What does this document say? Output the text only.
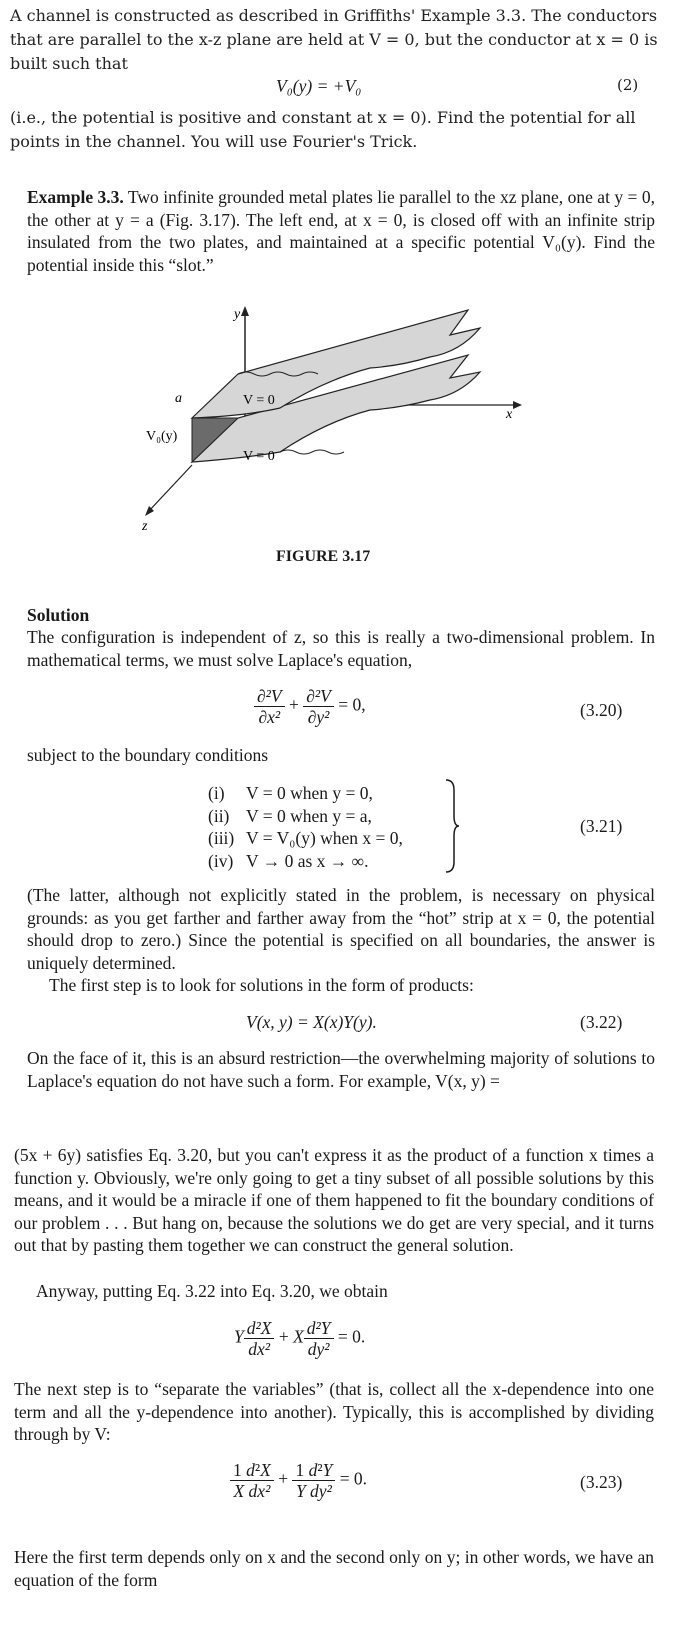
A channel is constructed as described in Griffiths' Example 3.3. The conductors that are parallel to the x-z plane are held at V = 0, but the conductor at x = 0 is built such that
V₀(y) = +V₀	(2)
(i.e., the potential is positive and constant at x = 0). Find the potential for all points in the channel. You will use Fourier's Trick.
Example 3.3. Two infinite grounded metal plates lie parallel to the xz plane, one at y = 0, the other at y = a (Fig. 3.17). The left end, at x = 0, is closed off with an infinite strip insulated from the two plates, and maintained at a specific potential V₀(y). Find the potential inside this “slot.”
y
x
z
a
V₀(y)
V = 0
V = 0
FIGURE 3.17
Solution
The configuration is independent of z, so this is really a two-dimensional problem. In mathematical terms, we must solve Laplace's equation,
$\frac{\text{∂²V}}{\text{∂x²}} + \frac{\text{∂²V}}{\text{∂y²}} = 0$,	(3.20)
subject to the boundary conditions
(i) V = 0 when y = 0,
(ii) V = 0 when y = a,
(iii) V = V₀(y) when x = 0,
(iv) V → 0 as x → ∞.
(3.21)
(The latter, although not explicitly stated in the problem, is necessary on physical grounds: as you get farther and farther away from the “hot” strip at x = 0, the potential should drop to zero.) Since the potential is specified on all boundaries, the answer is uniquely determined.
The first step is to look for solutions in the form of products:
V(x, y) = X(x)Y(y).	(3.22)
On the face of it, this is an absurd restriction—the overwhelming majority of solutions to Laplace's equation do not have such a form. For example, V(x, y) =
(5x + 6y) satisfies Eq. 3.20, but you can't express it as the product of a function x times a function y. Obviously, we're only going to get a tiny subset of all possible solutions by this means, and it would be a miracle if one of them happened to fit the boundary conditions of our problem . . . But hang on, because the solutions we do get are very special, and it turns out that by pasting them together we can construct the general solution.
Anyway, putting Eq. 3.22 into Eq. 3.20, we obtain
Y $\frac{\text{d²X}}{\text{dx²}} + X \frac{\text{d²Y}}{\text{dy²}} = 0$.
The next step is to “separate the variables” (that is, collect all the x-dependence into one term and all the y-dependence into another). Typically, this is accomplished by dividing through by V:
$\frac{\text{1 d²X}}{\text{X dx²}} + \frac{\text{1 d²Y}}{\text{Y dy²}} = 0$.	(3.23)
Here the first term depends only on x and the second only on y; in other words, we have an equation of the form
